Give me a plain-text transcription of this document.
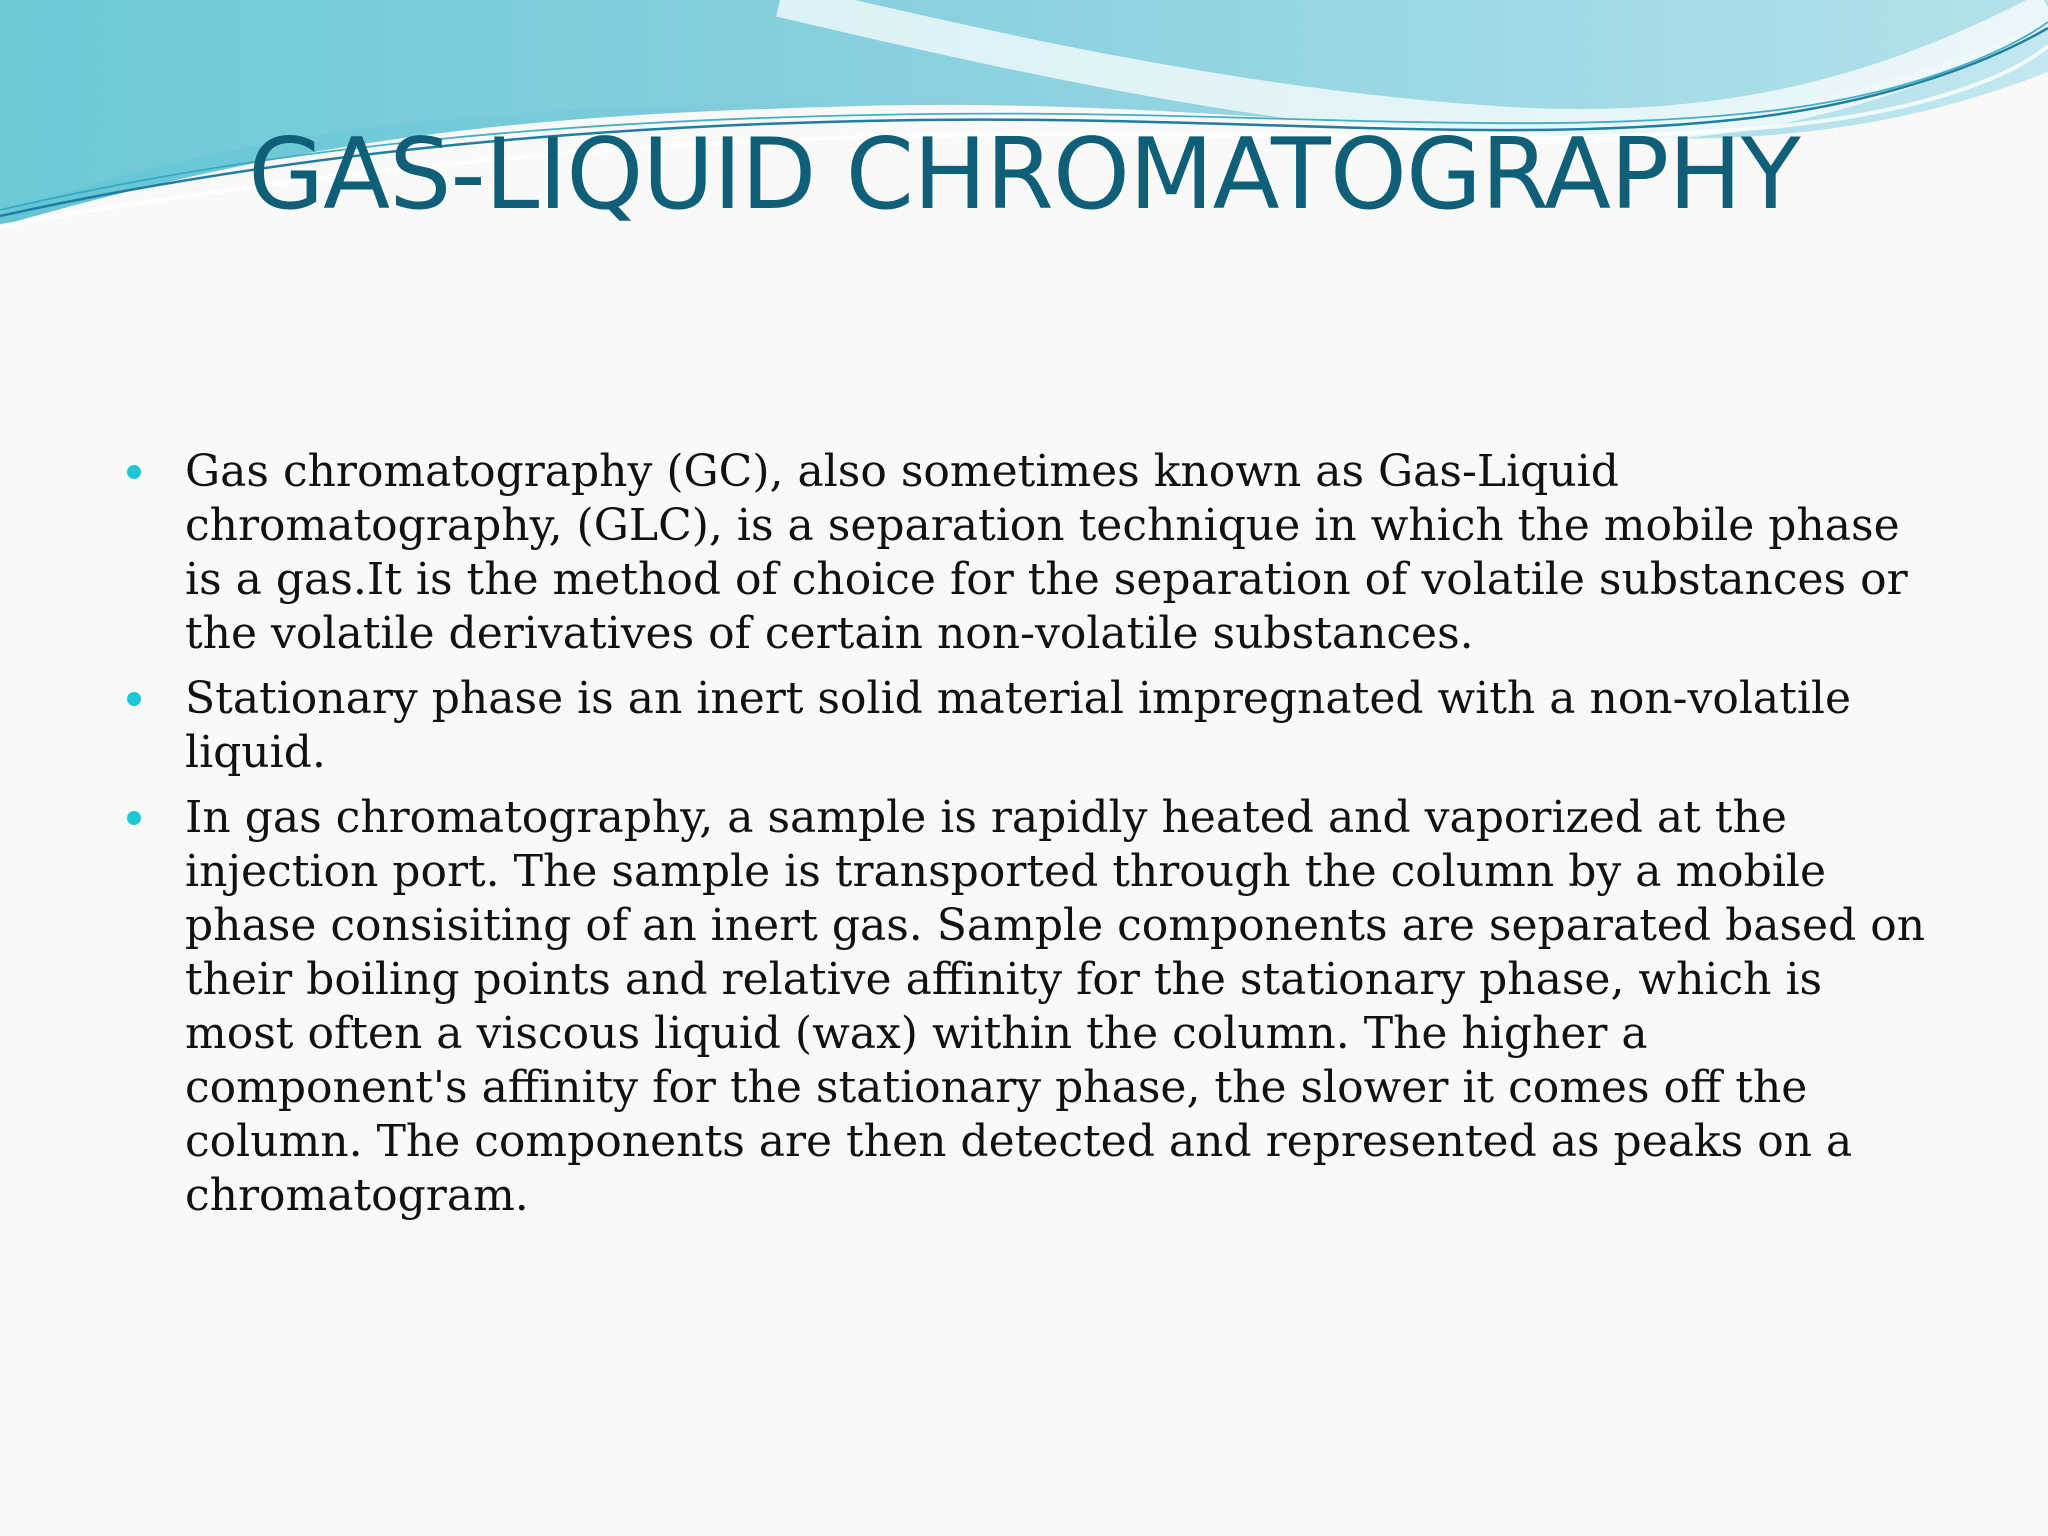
GAS-LIQUID CHROMATOGRAPHY
Gas chromatography (GC), also sometimes known as Gas-Liquid chromatography, (GLC), is a separation technique in which the mobile phase is a gas.It is the method of choice for the separation of volatile substances or the volatile derivatives of certain non-volatile substances.
Stationary phase is an inert solid material impregnated with a non-volatile liquid.
In gas chromatography, a sample is rapidly heated and vaporized at the injection port. The sample is transported through the column by a mobile phase consisiting of an inert gas. Sample components are separated based on their boiling points and relative affinity for the stationary phase, which is most often a viscous liquid (wax) within the column. The higher a component's affinity for the stationary phase, the slower it comes off the column. The components are then detected and represented as peaks on a chromatogram.
